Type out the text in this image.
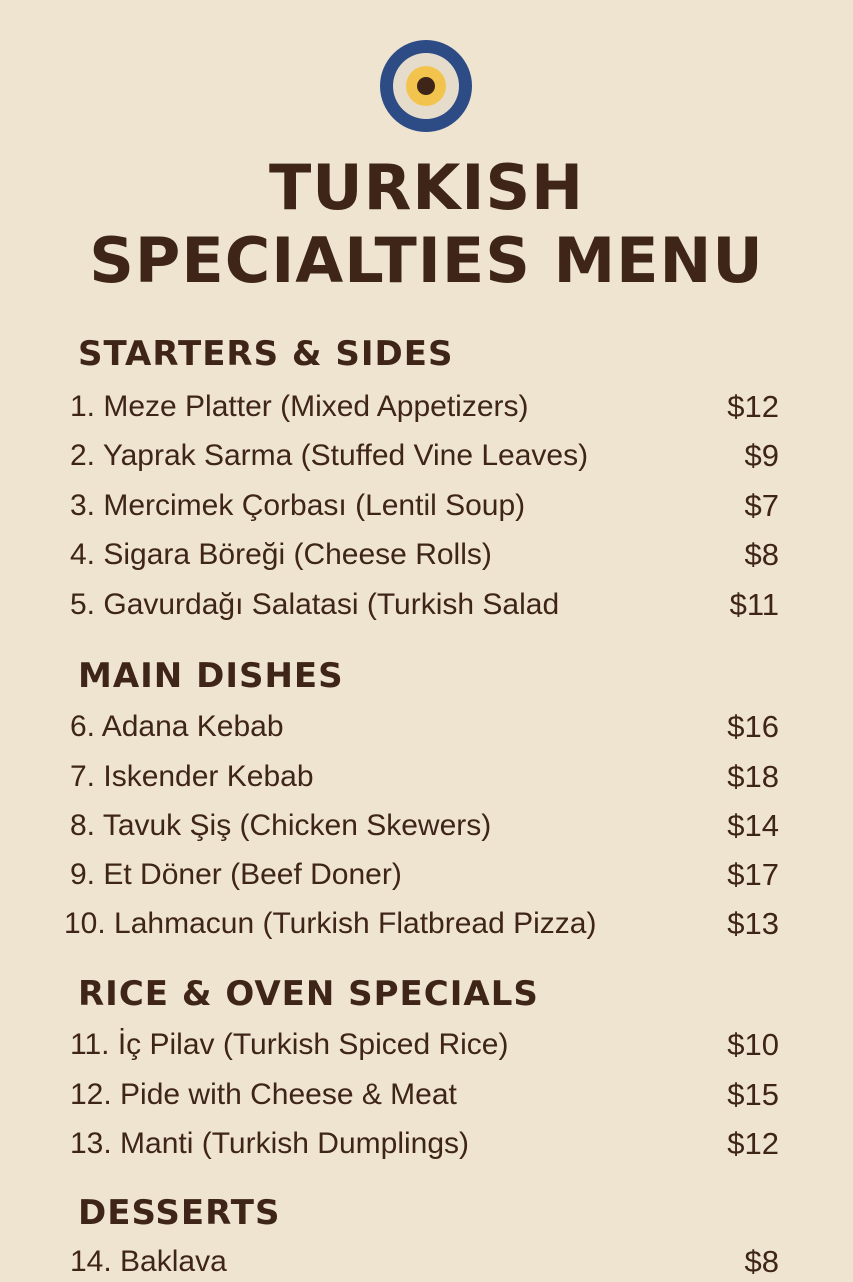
TURKISH
SPECIALTIES MENU
STARTERS & SIDES
1. Meze Platter (Mixed Appetizers)	$12
2. Yaprak Sarma (Stuffed Vine Leaves)	$9
3. Mercimek Çorbası (Lentil Soup)	$7
4. Sigara Böreği (Cheese Rolls)	$8
5. Gavurdağı Salatasi (Turkish Salad	$11
MAIN DISHES
6. Adana Kebab	$16
7. Iskender Kebab	$18
8. Tavuk Şiş (Chicken Skewers)	$14
9. Et Döner (Beef Doner)	$17
10. Lahmacun (Turkish Flatbread Pizza)	$13
RICE & OVEN SPECIALS
11. İç Pilav (Turkish Spiced Rice)	$10
12. Pide with Cheese & Meat	$15
13. Manti (Turkish Dumplings)	$12
DESSERTS
14. Baklava	$8
